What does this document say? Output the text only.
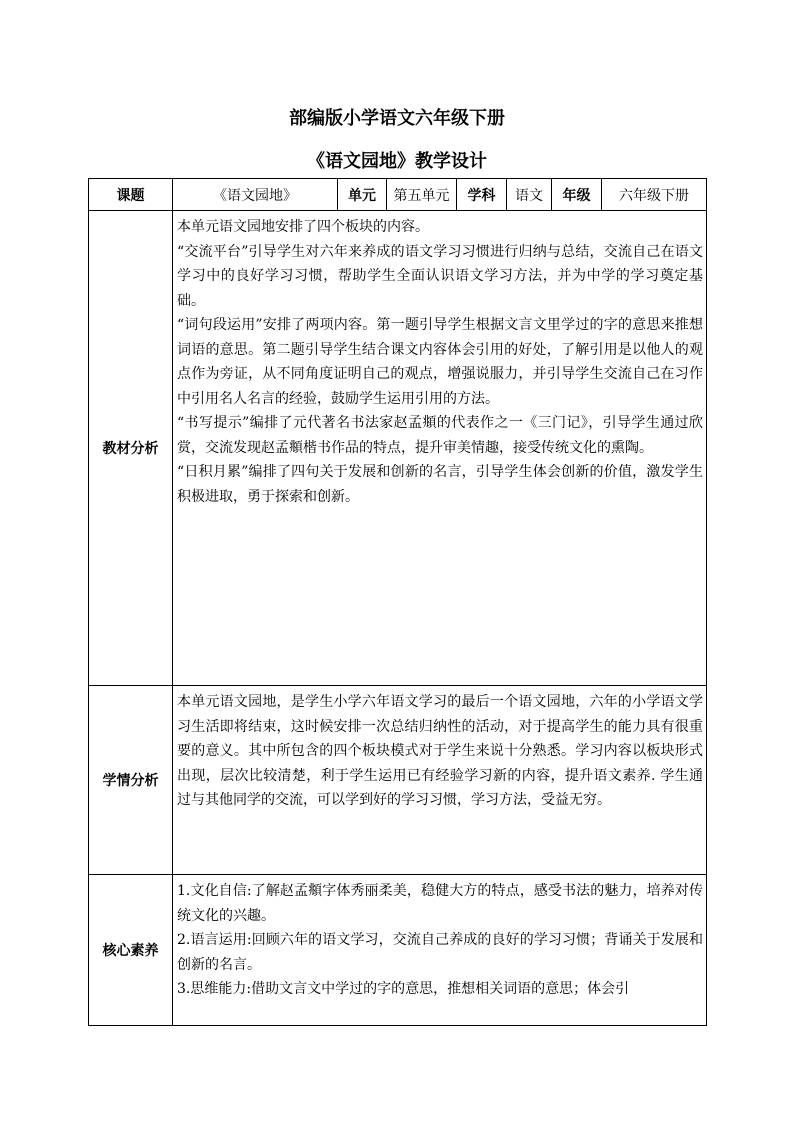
部编版小学语文六年级下册
《语文园地》教学设计
课题	《语文园地》	单元	第五单元	学科	语文	年级	六年级下册
教材分析	本单元语文园地安排了四个板块的内容。

“交流平台”引导学生对六年来养成的语文学习习惯进行归纳与总结，交流自己在语文学习中的良好学习习惯，帮助学生全面认识语文学习方法，并为中学的学习奠定基础。

“词句段运用”安排了两项内容。第一题引导学生根据文言文里学过的字的意思来推想词语的意思。第二题引导学生结合课文内容体会引用的好处，了解引用是以他人的观点作为旁证，从不同角度证明自己的观点，增强说服力，并引导学生交流自己在习作中引用名人名言的经验，鼓励学生运用引用的方法。

“书写提示”编排了元代著名书法家赵孟頫的代表作之一《三门记》，引导学生通过欣赏，交流发现赵孟頫楷书作品的特点，提升审美情趣，接受传统文化的熏陶。

“日积月累”编排了四句关于发展和创新的名言，引导学生体会创新的价值，激发学生积极进取，勇于探索和创新。						

学情分析	本单元语文园地，是学生小学六年语文学习的最后一个语文园地，六年的小学语文学习生活即将结束，这时候安排一次总结归纳性的活动，对于提高学生的能力具有很重要的意义。其中所包含的四个板块模式对于学生来说十分熟悉。学习内容以板块形式出现，层次比较清楚，利于学生运用已有经验学习新的内容，提升语文素养. 学生通过与其他同学的交流，可以学到好的学习习惯，学习方法，受益无穷。						

核心素养	1.文化自信:了解赵孟頫字体秀丽柔美，稳健大方的特点，感受书法的魅力，培养对传统文化的兴趣。

2.语言运用:回顾六年的语文学习，交流自己养成的良好的学习习惯；背诵关于发展和创新的名言。

3.思维能力:借助文言文中学过的字的意思，推想相关词语的意思；体会引						
